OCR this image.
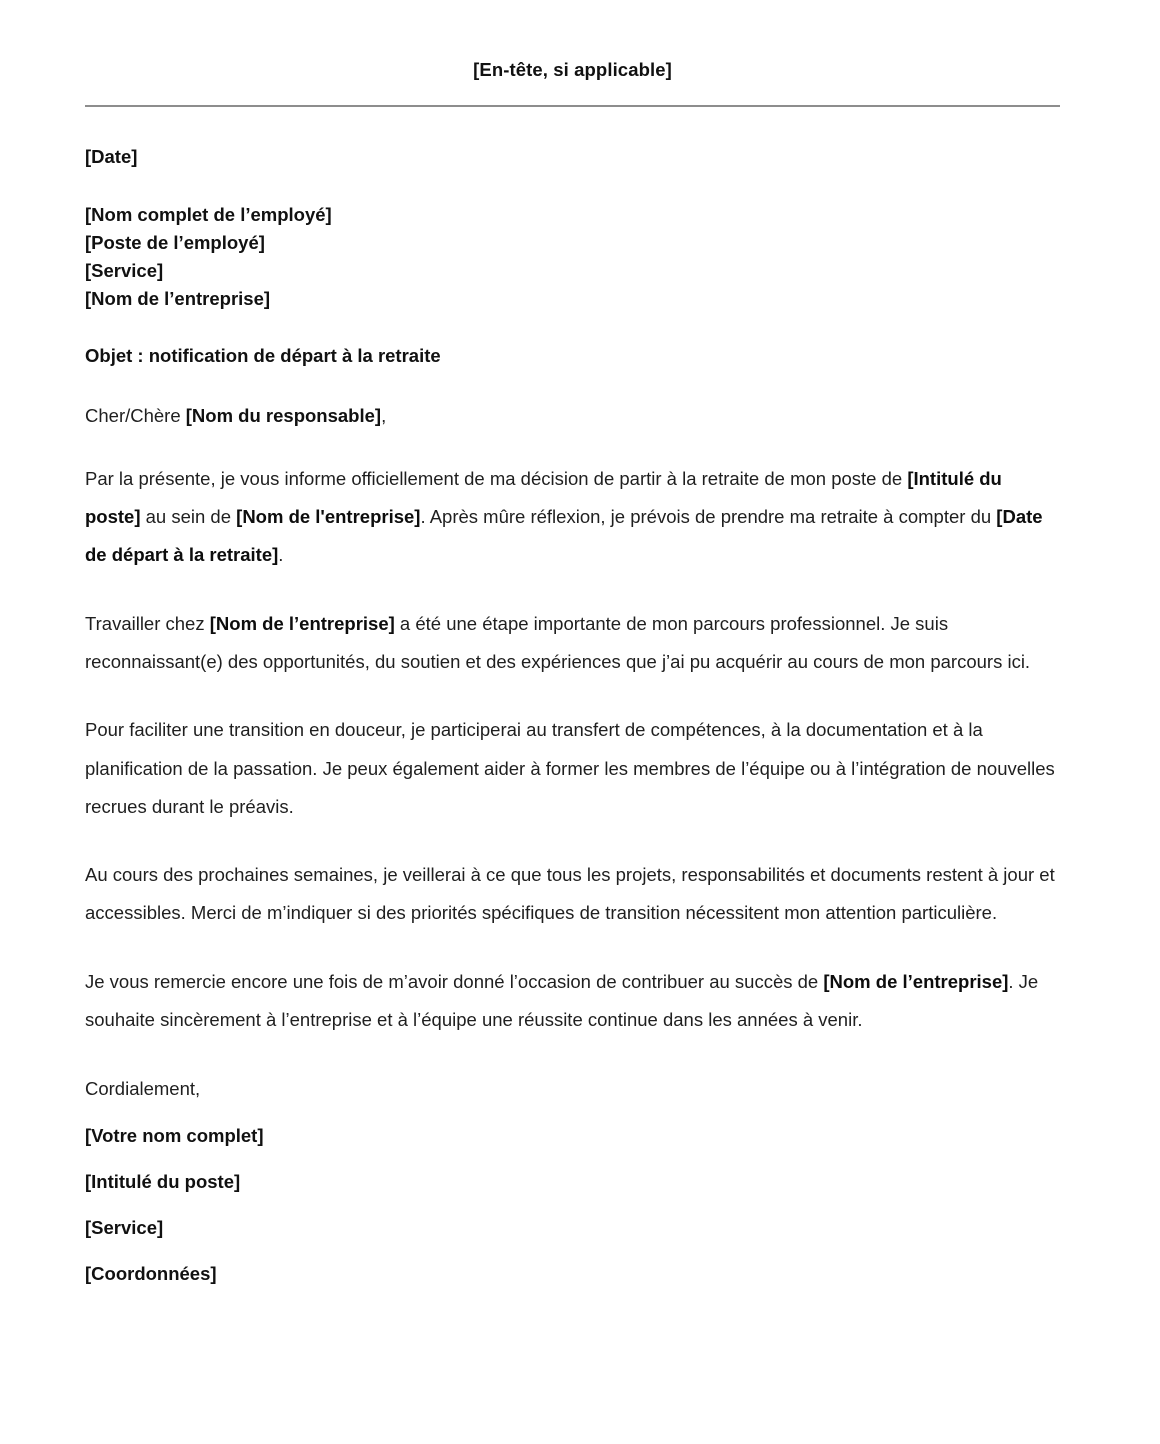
[En-tête, si applicable]
[Date]
[Nom complet de l’employé]
[Poste de l’employé]
[Service]
[Nom de l’entreprise]
Objet : notification de départ à la retraite

Cher/Chère [Nom du responsable],

Par la présente, je vous informe officiellement de ma décision de partir à la retraite de mon poste de [Intitulé du poste] au sein de [Nom de l'entreprise]. Après mûre réflexion, je prévois de prendre ma retraite à compter du [Date de départ à la retraite].

Travailler chez [Nom de l’entreprise] a été une étape importante de mon parcours professionnel. Je suis reconnaissant(e) des opportunités, du soutien et des expériences que j’ai pu acquérir au cours de mon parcours ici.

Pour faciliter une transition en douceur, je participerai au transfert de compétences, à la documentation et à la planification de la passation. Je peux également aider à former les membres de l’équipe ou à l’intégration de nouvelles recrues durant le préavis.

Au cours des prochaines semaines, je veillerai à ce que tous les projets, responsabilités et documents restent à jour et accessibles. Merci de m’indiquer si des priorités spécifiques de transition nécessitent mon attention particulière.

Je vous remercie encore une fois de m’avoir donné l’occasion de contribuer au succès de [Nom de l’entreprise]. Je souhaite sincèrement à l’entreprise et à l’équipe une réussite continue dans les années à venir.

Cordialement,
[Votre nom complet]
[Intitulé du poste]
[Service]
[Coordonnées]
